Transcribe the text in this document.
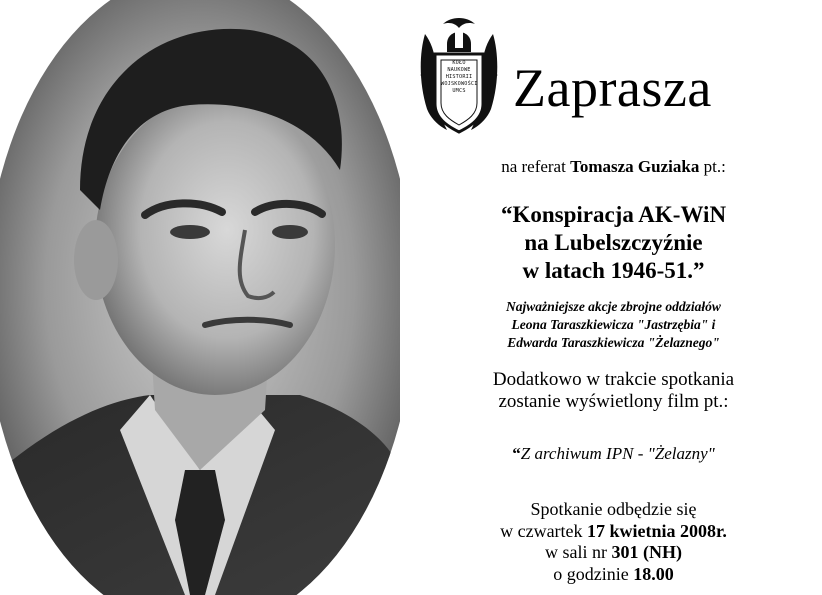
KOŁO
NAUKOWE
HISTORII
WOJSKOWOŚCI
UMCS Zaprasza
na referat Tomasza Guziaka pt.:
“Konspiracja AK-WiN
na Lubelszczyźnie
w latach 1946-51.”
Najważniejsze akcje zbrojne oddziałów
Leona Taraszkiewicza "Jastrzębia" i
Edwarda Taraszkiewicza "Żelaznego"
Dodatkowo w trakcie spotkania
zostanie wyświetlony film pt.:
“Z archiwum IPN - "Żelazny"
Spotkanie odbędzie się
w czwartek 17 kwietnia 2008r.
w sali nr 301 (NH)
o godzinie 18.00
